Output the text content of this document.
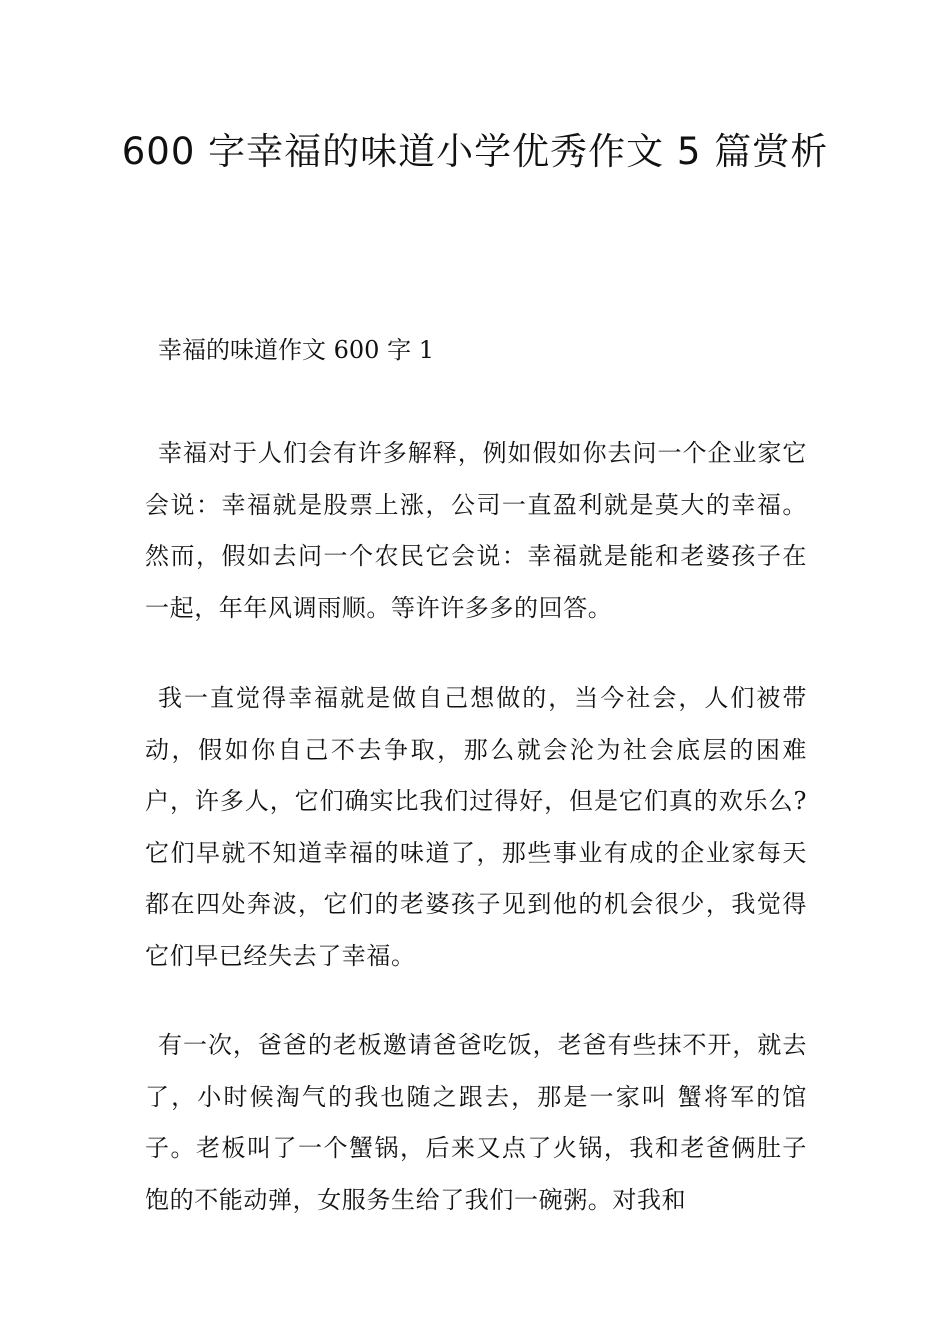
600 字幸福的味道小学优秀作文 5 篇赏析
幸福的味道作文 600 字 1

幸福对于人们会有许多解释，例如假如你去问一个企业家它会说：幸福就是股票上涨，公司一直盈利就是莫大的幸福。然而，假如去问一个农民它会说：幸福就是能和老婆孩子在一起，年年风调雨顺。等许许多多的回答。

我一直觉得幸福就是做自己想做的，当今社会，人们被带动，假如你自己不去争取，那么就会沦为社会底层的困难户，许多人，它们确实比我们过得好，但是它们真的欢乐么?它们早就不知道幸福的味道了，那些事业有成的企业家每天都在四处奔波，它们的老婆孩子见到他的机会很少，我觉得它们早已经失去了幸福。

有一次，爸爸的老板邀请爸爸吃饭，老爸有些抹不开，就去了，小时候淘气的我也随之跟去，那是一家叫 蟹将军的馆子。老板叫了一个蟹锅，后来又点了火锅，我和老爸俩肚子饱的不能动弹，女服务生给了我们一碗粥。对我和
